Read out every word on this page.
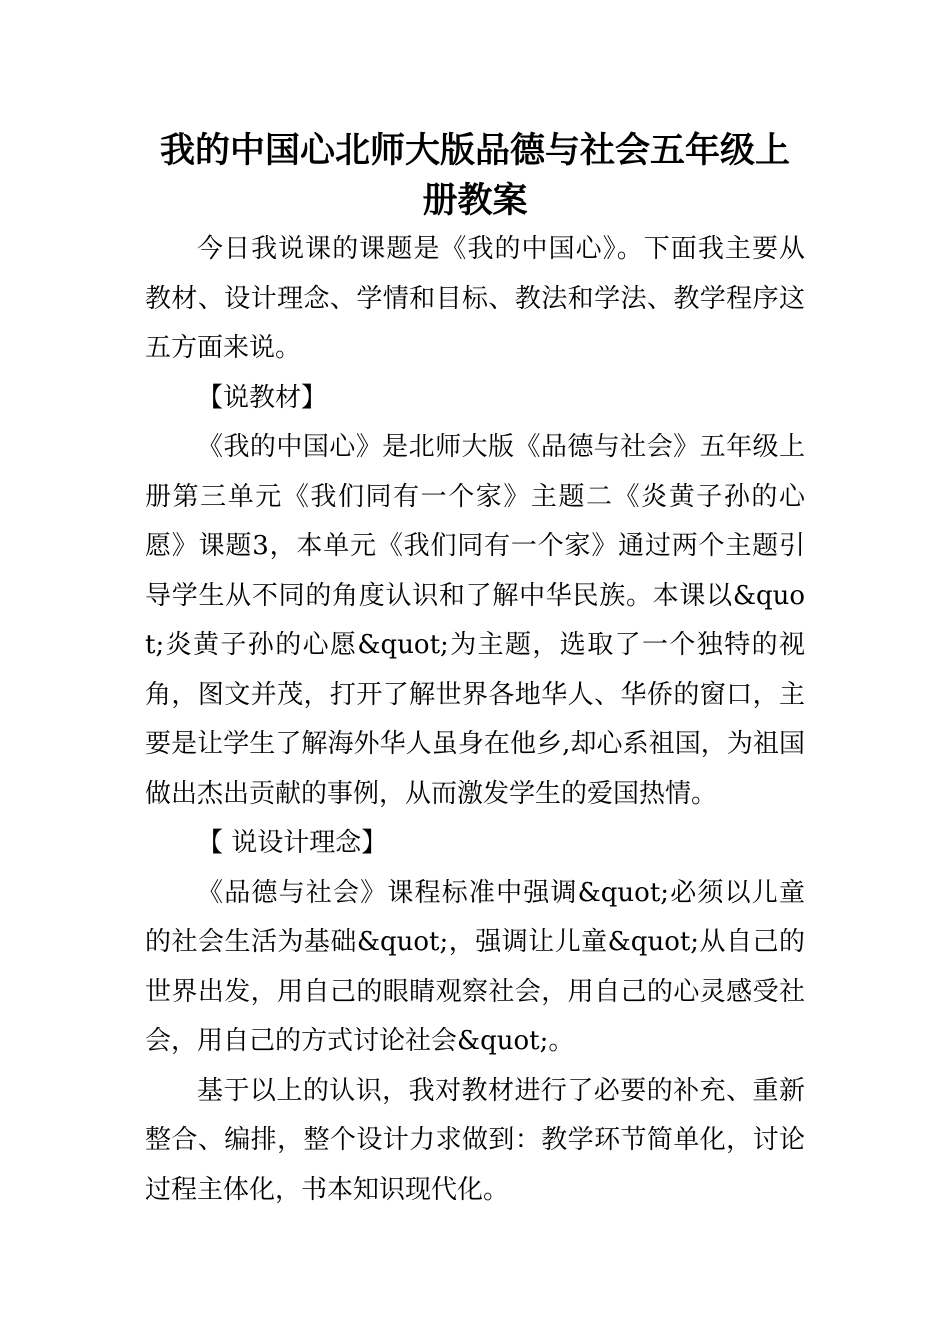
我的中国心北师大版品德与社会五年级上册教案

今日我说课的课题是《我的中国心》。下面我主要从教材、设计理念、学情和目标、教法和学法、教学程序这五方面来说。

【说教材】

《我的中国心》是北师大版《品德与社会》五年级上册第三单元《我们同有一个家》主题二《炎黄子孙的心愿》课题3，本单元《我们同有一个家》通过两个主题引导学生从不同的角度认识和了解中华民族。本课以&quot;炎黄子孙的心愿&quot;为主题，选取了一个独特的视角，图文并茂，打开了解世界各地华人、华侨的窗口，主要是让学生了解海外华人虽身在他乡,却心系祖国，为祖国做出杰出贡献的事例，从而激发学生的爱国热情。

【 说设计理念】

《品德与社会》课程标准中强调&quot;必须以儿童的社会生活为基础&quot;，强调让儿童&quot;从自己的世界出发，用自己的眼睛观察社会，用自己的心灵感受社会，用自己的方式讨论社会&quot;。

基于以上的认识，我对教材进行了必要的补充、重新整合、编排，整个设计力求做到：教学环节简单化，讨论过程主体化，书本知识现代化。
